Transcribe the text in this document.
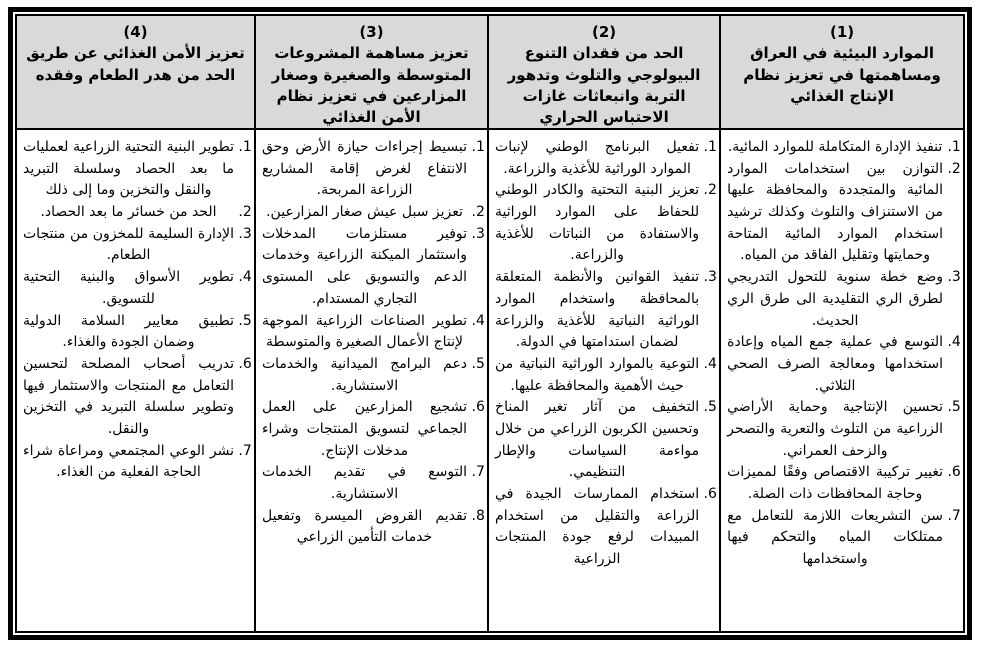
(1)
الموارد البيئية في العراق ومساهمتها في تعزيز نظام الإنتاج الغذائي
1. تنفيذ الإدارة المتكاملة للموارد المائية.
2. التوازن بين استخدامات الموارد المائية والمتجددة والمحافظة عليها من الاستنزاف والتلوث وكذلك ترشيد استخدام الموارد المائية المتاحة وحمايتها وتقليل الفاقد من المياه.
3. وضع خطة سنوية للتحول التدريجي لطرق الري التقليدية الى طرق الري الحديث.
4. التوسع في عملية جمع المياه وإعادة استخدامها ومعالجة الصرف الصحي الثلاثي.
5. تحسين الإنتاجية وحماية الأراضي الزراعية من التلوث والتعرية والتصحر والزحف العمراني.
6. تغيير تركيبة الاقتصاص وفقًا لمميزات وحاجة المحافظات ذات الصلة.
7. سن التشريعات اللازمة للتعامل مع ممتلكات المياه والتحكم فيها واستخدامها
(2)
الحد من فقدان التنوع البيولوجي والتلوث وتدهور التربة وانبعاثات غازات الاحتباس الحراري
1. تفعيل البرنامج الوطني لإنبات الموارد الوراثية للأغذية والزراعة.
2. تعزيز البنية التحتية والكادر الوطني للحفاظ على الموارد الوراثية والاستفادة من النباتات للأغذية والزراعة.
3. تنفيذ القوانين والأنظمة المتعلقة بالمحافظة واستخدام الموارد الوراثية النباتية للأغذية والزراعة لضمان استدامتها في الدولة.
4. التوعية بالموارد الوراثية النباتية من حيث الأهمية والمحافظة عليها.
5. التخفيف من آثار تغير المناخ وتحسين الكربون الزراعي من خلال مواءمة السياسات والإطار التنظيمي.
6. استخدام الممارسات الجيدة في الزراعة والتقليل من استخدام المبيدات لرفع جودة المنتجات الزراعية
(3)
تعزيز مساهمة المشروعات المتوسطة والصغيرة وصغار المزارعين في تعزيز نظام الأمن الغذائي
1. تبسيط إجراءات حيازة الأرض وحق الانتفاع لغرض إقامة المشاريع الزراعة المربحة.
2. تعزيز سبل عيش صغار المزارعين.
3. توفير مستلزمات المدخلات واستثمار الميكنة الزراعية وخدمات الدعم والتسويق على المستوى التجاري المستدام.
4. تطوير الصناعات الزراعية الموجهة لإنتاج الأعمال الصغيرة والمتوسطة
5. دعم البرامج الميدانية والخدمات الاستشارية.
6. تشجيع المزارعين على العمل الجماعي لتسويق المنتجات وشراء مدخلات الإنتاج.
7. التوسع في تقديم الخدمات الاستشارية.
8. تقديم القروض الميسرة وتفعيل خدمات التأمين الزراعي
(4)
تعزيز الأمن الغذائي عن طريق الحد من هدر الطعام وفقده
1. تطوير البنية التحتية الزراعية لعمليات ما بعد الحصاد وسلسلة التبريد والنقل والتخزين وما إلى ذلك
2. الحد من خسائر ما بعد الحصاد.
3. الإدارة السليمة للمخزون من منتجات الطعام.
4. تطوير الأسواق والبنية التحتية للتسويق.
5. تطبيق معايير السلامة الدولية وضمان الجودة والغذاء.
6. تدريب أصحاب المصلحة لتحسين التعامل مع المنتجات والاستثمار فيها وتطوير سلسلة التبريد في التخزين والنقل.
7. نشر الوعي المجتمعي ومراعاة شراء الحاجة الفعلية من الغذاء.
